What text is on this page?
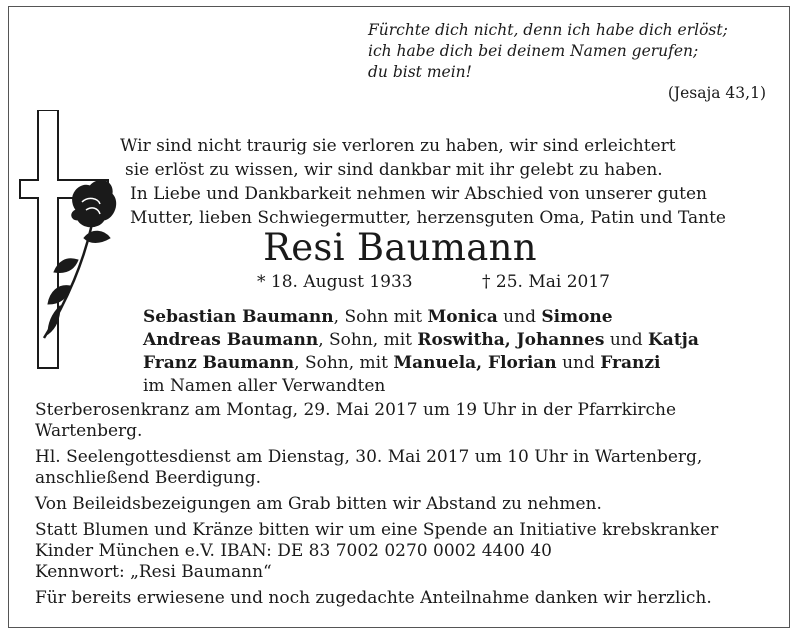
Fürchte dich nicht, denn ich habe dich erlöst;
ich habe dich bei deinem Namen gerufen;
du bist mein!
(Jesaja 43,1)
Wir sind nicht traurig sie verloren zu haben, wir sind erleichtert
sie erlöst zu wissen, wir sind dankbar mit ihr gelebt zu haben.
In Liebe und Dankbarkeit nehmen wir Abschied von unserer guten
Mutter, lieben Schwiegermutter, herzensguten Oma, Patin und Tante
Resi Baumann
* 18. August 1933	† 25. Mai 2017
Sebastian Baumann, Sohn mit Monica und Simone
Andreas Baumann, Sohn, mit Roswitha, Johannes und Katja
Franz Baumann, Sohn, mit Manuela, Florian und Franzi
im Namen aller Verwandten
Sterberosenkranz am Montag, 29. Mai 2017 um 19 Uhr in der Pfarrkirche
Wartenberg.
Hl. Seelengottesdienst am Dienstag, 30. Mai 2017 um 10 Uhr in Wartenberg,
anschließend Beerdigung.
Von Beileidsbezeigungen am Grab bitten wir Abstand zu nehmen.
Statt Blumen und Kränze bitten wir um eine Spende an Initiative krebskranker
Kinder München e.V. IBAN: DE 83 7002 0270 0002 4400 40
Kennwort: „Resi Baumann“
Für bereits erwiesene und noch zugedachte Anteilnahme danken wir herzlich.
